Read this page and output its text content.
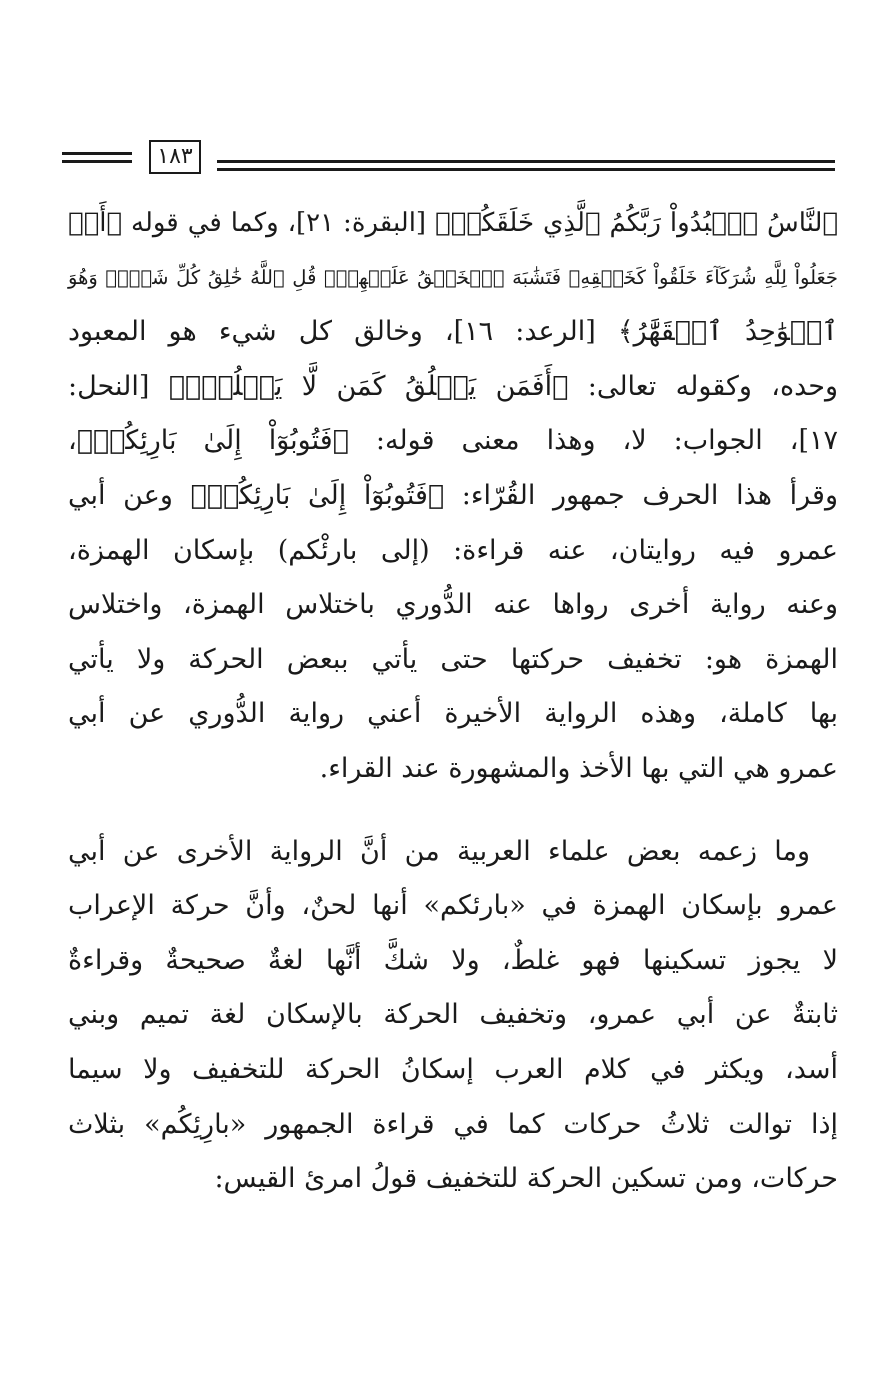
١٨٣

ٱلنَّاسُ ٱعۡبُدُواْ رَبَّكُمُ ٱلَّذِي خَلَقَكُمۡ﴾ [البقرة: ٢١]، وكما في قوله ﴿أَمۡ
جَعَلُواْ لِلَّهِ شُرَكَآءَ خَلَقُواْ كَخَلۡقِهِۦ فَتَشَٰبَهَ ٱلۡخَلۡقُ عَلَيۡهِمۡۚ قُلِ ٱللَّهُ خَٰلِقُ كُلِّ شَيۡءٖ وَهُوَ
ٱلۡوَٰحِدُ ٱلۡقَهَّٰرُ﴾ [الرعد: ١٦]، وخالق كل شيء هو المعبود
وحده، وكقوله تعالى: ﴿أَفَمَن يَخۡلُقُ كَمَن لَّا يَخۡلُقُۚ﴾ [النحل:
١٧]، الجواب: لا، وهذا معنى قوله: ﴿فَتُوبُوٓاْ إِلَىٰ بَارِئِكُمۡ﴾،
وقرأ هذا الحرف جمهور القُرّاء: ﴿فَتُوبُوٓاْ إِلَىٰ بَارِئِكُمۡ﴾ وعن أبي
عمرو فيه روايتان، عنه قراءة: (إلى بارئْكم) بإسكان الهمزة،
وعنه رواية أخرى رواها عنه الدُّوري باختلاس الهمزة، واختلاس
الهمزة هو: تخفيف حركتها حتى يأتي ببعض الحركة ولا يأتي
بها كاملة، وهذه الرواية الأخيرة أعني رواية الدُّوري عن أبي
عمرو هي التي بها الأخذ والمشهورة عند القراء.

وما زعمه بعض علماء العربية من أنَّ الرواية الأخرى عن أبي
عمرو بإسكان الهمزة في «بارئكم» أنها لحنٌ، وأنَّ حركة الإعراب
لا يجوز تسكينها فهو غلطٌ، ولا شكَّ أنَّها لغةٌ صحيحةٌ وقراءةٌ
ثابتةٌ عن أبي عمرو، وتخفيف الحركة بالإسكان لغة تميم وبني
أسد، ويكثر في كلام العرب إسكانُ الحركة للتخفيف ولا سيما
إذا توالت ثلاثُ حركات كما في قراءة الجمهور «بارِئِكُم» بثلاث
حركات، ومن تسكين الحركة للتخفيف قولُ امرئ القيس:
